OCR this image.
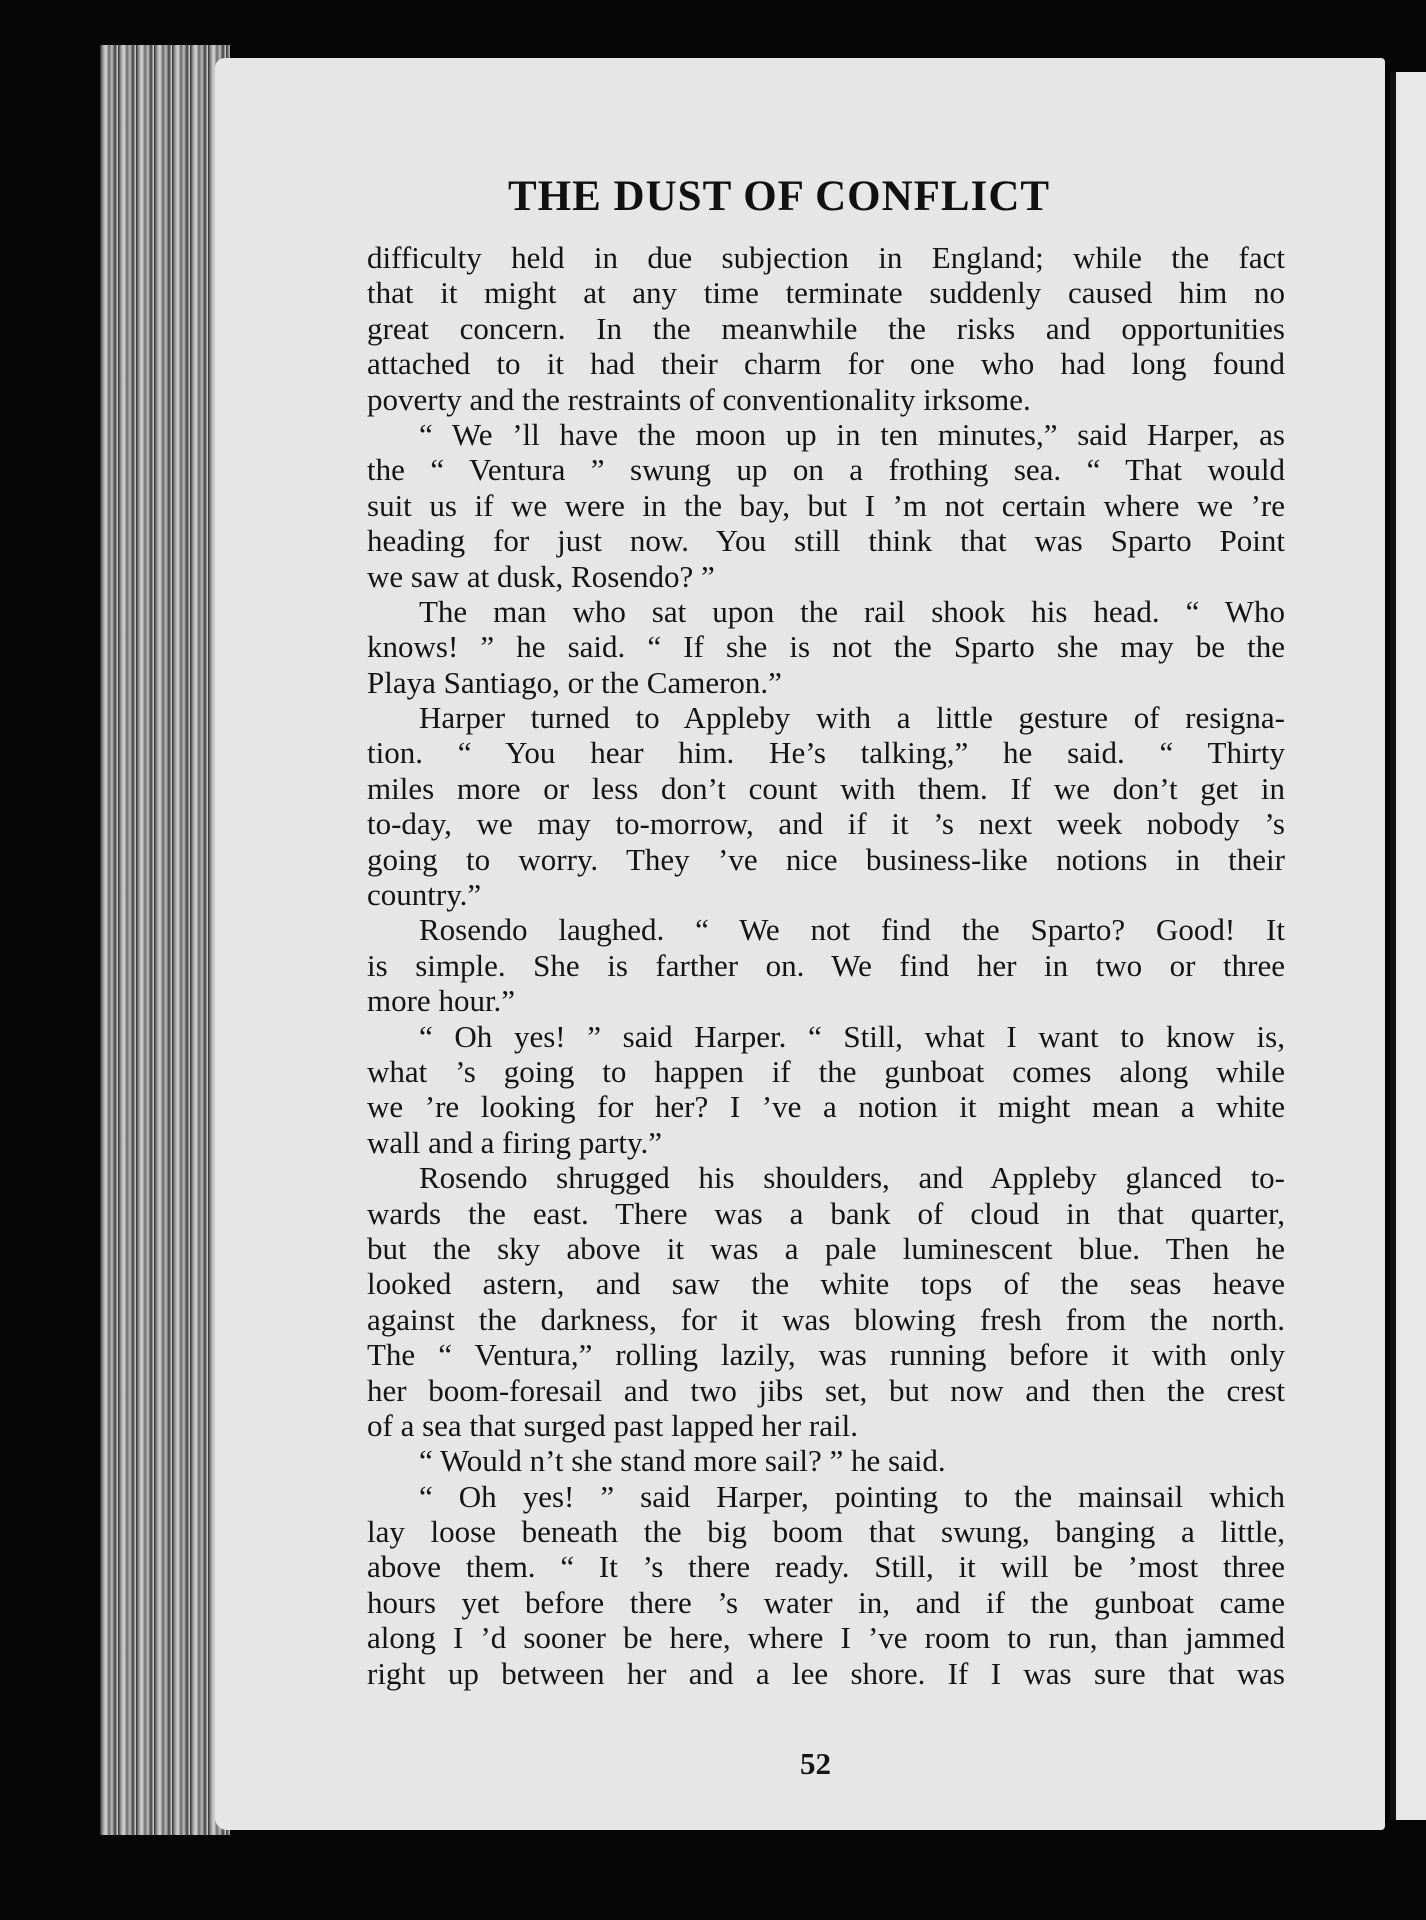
THE DUST OF CONFLICT
difficulty held in due subjection in England; while the fact
that it might at any time terminate suddenly caused him no
great concern. In the meanwhile the risks and opportunities
attached to it had their charm for one who had long found
poverty and the restraints of conventionality irksome.
“ We ’ll have the moon up in ten minutes,” said Harper, as
the “ Ventura ” swung up on a frothing sea. “ That would
suit us if we were in the bay, but I ’m not certain where we ’re
heading for just now. You still think that was Sparto Point
we saw at dusk, Rosendo? ”
The man who sat upon the rail shook his head. “ Who
knows! ” he said. “ If she is not the Sparto she may be the
Playa Santiago, or the Cameron.”
Harper turned to Appleby with a little gesture of resigna-
tion. “ You hear him. He’s talking,” he said. “ Thirty
miles more or less don’t count with them. If we don’t get in
to-day, we may to-morrow, and if it ’s next week nobody ’s
going to worry. They ’ve nice business-like notions in their
country.”
Rosendo laughed. “ We not find the Sparto? Good! It
is simple. She is farther on. We find her in two or three
more hour.”
“ Oh yes! ” said Harper. “ Still, what I want to know is,
what ’s going to happen if the gunboat comes along while
we ’re looking for her? I ’ve a notion it might mean a white
wall and a firing party.”
Rosendo shrugged his shoulders, and Appleby glanced to-
wards the east. There was a bank of cloud in that quarter,
but the sky above it was a pale luminescent blue. Then he
looked astern, and saw the white tops of the seas heave
against the darkness, for it was blowing fresh from the north.
The “ Ventura,” rolling lazily, was running before it with only
her boom-foresail and two jibs set, but now and then the crest
of a sea that surged past lapped her rail.
“ Would n’t she stand more sail? ” he said.
“ Oh yes! ” said Harper, pointing to the mainsail which
lay loose beneath the big boom that swung, banging a little,
above them. “ It ’s there ready. Still, it will be ’most three
hours yet before there ’s water in, and if the gunboat came
along I ’d sooner be here, where I ’ve room to run, than jammed
right up between her and a lee shore. If I was sure that was
52
